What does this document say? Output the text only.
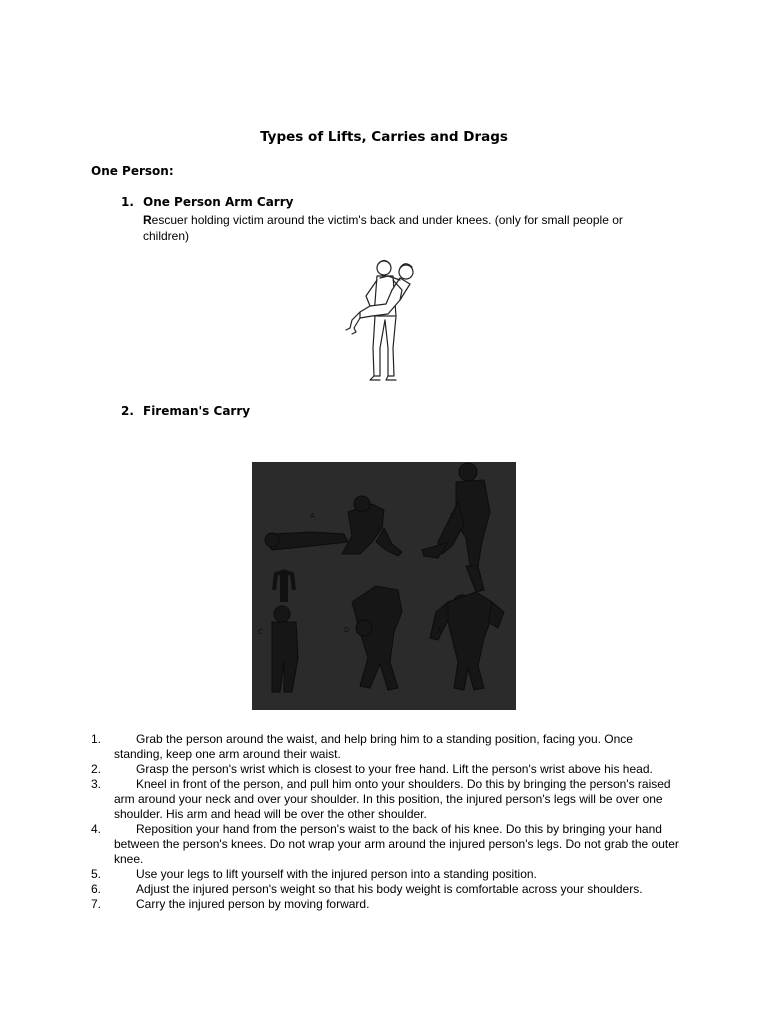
Types of Lifts, Carries and Drags
One Person:
1. One Person Arm Carry
Rescuer holding victim around the victim's back and under knees. (only for small people or children)
2. Fireman's Carry
A	B
C	D	E
1.	Grab the person around the waist, and help bring him to a standing position, facing you. Once standing, keep one arm around their waist.
2.	Grasp the person's wrist which is closest to your free hand. Lift the person's wrist above his head.
3.	Kneel in front of the person, and pull him onto your shoulders. Do this by bringing the person's raised arm around your neck and over your shoulder. In this position, the injured person's legs will be over one shoulder. His arm and head will be over the other shoulder.
4.	Reposition your hand from the person's waist to the back of his knee. Do this by bringing your hand between the person's knees. Do not wrap your arm around the injured person's legs. Do not grab the outer knee.
5.	Use your legs to lift yourself with the injured person into a standing position.
6.	Adjust the injured person's weight so that his body weight is comfortable across your shoulders.
7.	Carry the injured person by moving forward.
